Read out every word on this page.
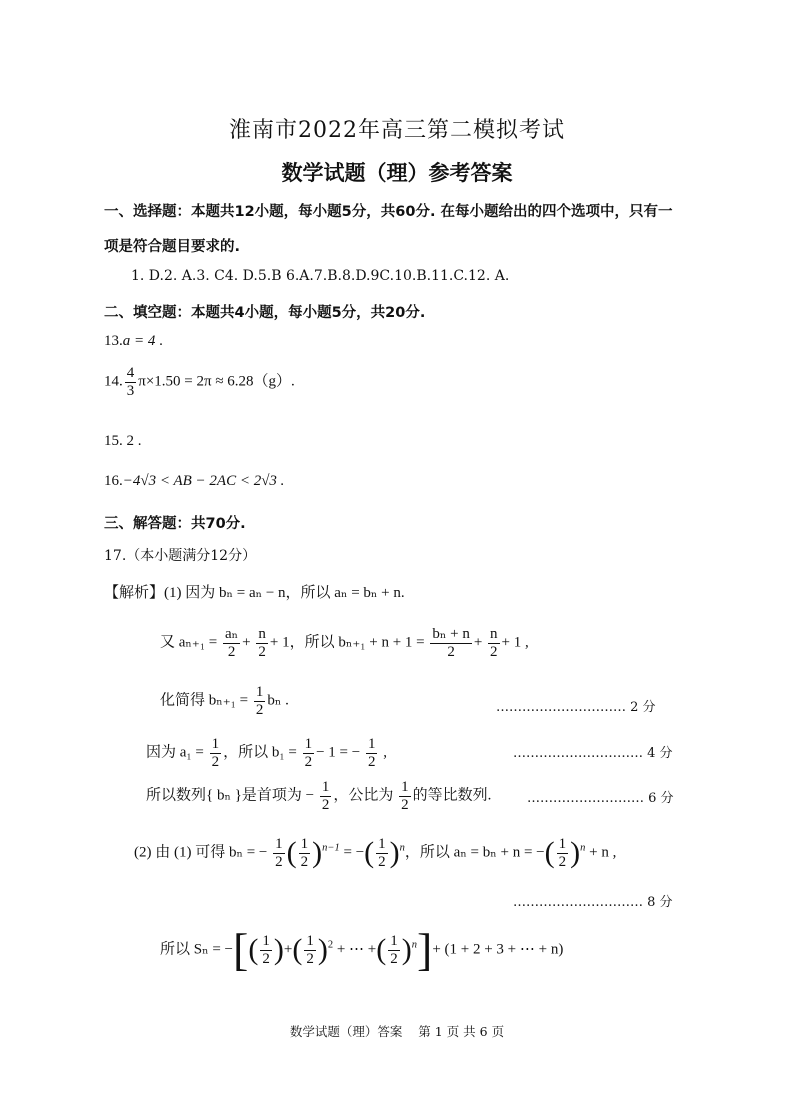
淮南市2022年高三第二模拟考试
数学试题（理）参考答案
一、选择题：本题共12小题，每小题5分，共60分. 在每小题给出的四个选项中，只有一
项是符合题目要求的.
1. D.2. A.3. C4. D.5.B 6.A.7.B.8.D.9C.10.B.11.C.12. A.
二、填空题：本题共4小题，每小题5分，共20分.
13.a = 4 .
14. $\frac{4}{3} \pi\times 1.50 = 2\pi \approx 6.28(g)$.
15. 2 .
16.−4√3 < AB − 2AC < 2√3 .
三、解答题：共70分.
17.（本小题满分12分）
【解析】(1) 因为 bₙ = aₙ − n，所以 aₙ = bₙ + n.
又 $a_{n+1} = \frac{\text{aₙ}}{2} + \frac{n}{2} + 1$，所以 $b_{n+1} + n + 1 = \frac{\text{bₙ + n}}{2} + \frac{n}{2} + 1$ ,
化简得 $b_{n+1} = \frac{1}{2}$ bₙ .	………………………… 2 分
因为 $a_1 = \frac{1}{2}$ ，所以 $b_1 = \frac{1}{2} - 1$ = − $\frac{1}{2}$ ,	………………………… 4 分
所以数列{ bₙ }是首项为 − $\frac{1}{2}$ ，公比为 $\frac{1}{2}$ 的等比数列.	……………………… 6 分
(2) 由 (1) 可得 bₙ = − $\frac{1}{2}$ ( $\frac{1}{2} )^{n-1}$ = −( $\frac{1}{2} )^n$，所以 aₙ = bₙ + n = −( $\frac{1}{2} )^n + n$ ,
………………………… 8 分
所以 Sₙ = −[( $\frac{1}{2}$ )+( $\frac{1}{2} )^2$ + ⋯ +( $\frac{1}{2} )^n]+ (1 + 2 + 3$ + ⋯ + n)
数学试题（理）答案    第 1 页 共 6 页
